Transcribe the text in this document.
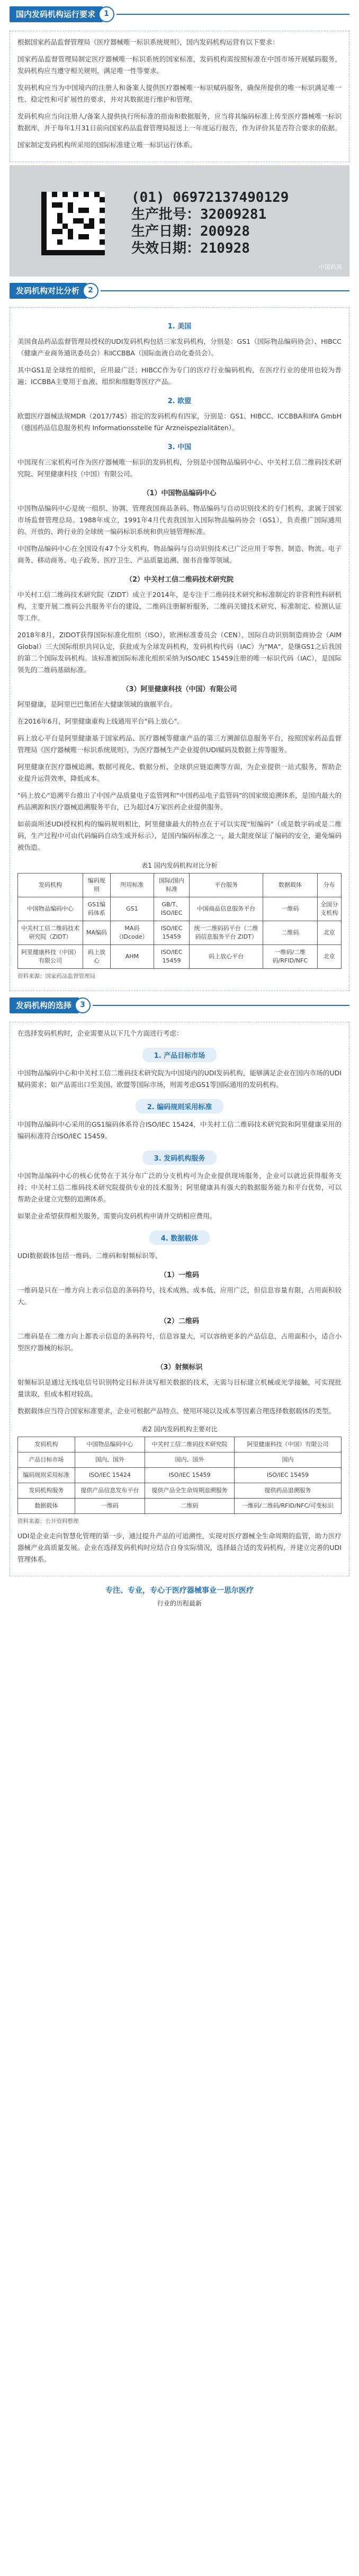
国内发码机构运行要求	1

根据国家药品监督管理局《医疗器械唯一标识系统规则》，国内发码机构运营有以下要求：

国家药品监督管理局制定医疗器械唯一标识系统的国家标准，发码机构需按照标准在中国市场开展赋码服务，发码机构应当遵守相关规则，满足唯一性等要求。

发码机构应当为中国境内的注册人和备案人提供医疗器械唯一标识赋码服务，确保所提供的唯一标识满足唯一性、稳定性和可扩展性的要求，并对其数据进行维护和管理。

发码机构应当向注册人/备案人提供执行所标准的指南和数据服务，应当将其编码标准上传至医疗器械唯一标识数据库，并于每年1月31日前向国家药品监督管理局报送上一年度运行报告，作为评价其是否符合要求的依据。

国家制定发码机构所采用的国际标准建立唯一标识运行体系。

(01) 06972137490129
生产批号：32009281
生产日期：200928
失效日期：210928
中国药网
发码机构对比分析	2
1. 美国

美国食品药品监督管理局授权的UDI发码机构包括三家发码机构，分别是：GS1（国际物品编码协会）、HIBCC（健康产业商务通讯委员会）和ICCBBA（国际血液自动化委员会）。

其中GS1是全球性的组织，应用最广泛；HIBCC作为专门的医疗行业编码机构，在医疗行业的使用也较为普遍；ICCBBA主要用于血液、组织和细胞等医疗产品。

2. 欧盟

欧盟医疗器械法规MDR（2017/745）指定的发码机构有四家，分别是：GS1、HIBCC、ICCBBA和IFA GmbH（德国药品信息服务机构 Informationsstelle für Arzneispezialitäten）。

3. 中国

中国现有三家机构可作为医疗器械唯一标识的发码机构，分别是中国物品编码中心、中关村工信二维码技术研究院、阿里健康科技（中国）有限公司。

（1）中国物品编码中心

中国物品编码中心是统一组织、协调、管理我国商品条码、物品编码与自动识别技术的专门机构，隶属于国家市场监督管理总局。1988年成立，1991年4月代表我国加入国际物品编码协会（GS1），负责推广国际通用的、开放的、跨行业的全球统一编码标识系统和供应链管理标准。

中国物品编码中心在全国设有47个分支机构，物品编码与自动识别技术已广泛应用于零售、制造、物流、电子商务、移动商务、电子政务、医疗卫生、产品质量追溯、图书音像等领域。

（2）中关村工信二维码技术研究院

中关村工信二维码技术研究院（ZIDT）成立于2014年，是专注于二维码技术研究和标准制定的非营利性科研机构，主要开展二维码公共服务平台的建设，二维码注册解析服务，二维码关键技术研究、标准制定、检测认证等工作。

2018年8月，ZIDOT获得国际标准化组织（ISO），欧洲标准委员会（CEN），国际自动识别制造商协会（AIM Global）三大国际组织共同认定，获批成为全球发码机构，发码机构代码（IAC）为"MA"，是继GS1之后我国的第二个国际发码机构。该标准被国际标准化组织采纳为ISO/IEC 15459注册的唯一标识代码（IAC），是国际领先的二维码基础标准。

（3）阿里健康科技（中国）有限公司

阿里健康，是阿里巴巴集团在大健康领域的旗舰平台。

在2016年6月，阿里健康重构上线通用平台"码上放心"。

码上放心平台是阿里健康基于国家药品、医疗器械等健康产品的第三方溯源信息服务平台，按照国家药品监督管理局《医疗器械唯一标识系统规则》，为医疗器械生产企业提供UDI赋码及数据上传等服务。

阿里健康在医疗器械追溯、数据可视化、数据分析、全球供应链追溯等方面，为企业提供一站式服务，帮助企业提升运营效率，降低成本。

"码上放心"追溯平台推出了中国产品质量电子监管网和"中国药品电子监管码"的国家级追溯体系，是国内最大的药品溯源和医疗器械追溯服务平台，已为超过4万家医药企业提供服务。

如前面所述UDI授权机构的编码规则相比，阿里健康最大的特点在于可以实现"短编码"（或是数字码或是二维码，生产过程中可由代码编码自动生成并标示），是国内编码标准之一，最大限度保证了编码的安全，避免编码被伪造。

表1 国内发码机构对比分析
发码机构	编码规则	所用标准	国际/国内标准	平台服务	数据载体	分布
中国物品编码中心	GS1编码体系	GS1	GB/T、ISO/IEC	中国商品信息服务平台	一维码	全国分支机构
中关村工信二维码技术研究院（ZIDT）	MA编码	MA码（IDcode）	ISO/IEC 15459	统一二维码码平台（二维码信息服务平台 ZIDT）	二维码	北京
阿里健康科技（中国）有限公司	码上放心	AHM	ISO/IEC 15459	码上放心平台	一维码/二维码/RFID/NFC	北京
资料来源：国家药品监督管理局
发码机构的选择	3

在选择发码机构时，企业需要从以下几个方面进行考虑：

1. 产品目标市场

中国物品编码中心和中关村工信二维码技术研究院为中国境内的UDI发码机构，能够满足企业在国内市场的UDI赋码需求；如产品需出口至美国、欧盟等国际市场，则需考虑GS1等国际通用的发码机构。

2. 编码规则采用标准

中国物品编码中心采用的GS1编码体系符合ISO/IEC 15424，中关村工信二维码技术研究院和阿里健康采用的编码标准符合ISO/IEC 15459。

3. 发码机构服务

中国物品编码中心的核心优势在于其分布广泛的分支机构可为企业提供现场服务，企业可以就近获得服务支持；中关村工信二维码技术研究院提供专业的技术服务；阿里健康具有强大的数据服务能力和平台优势，可以帮助企业建立完整的追溯体系。

如果企业希望获得相关服务，需要向发码机构申请并交纳相应费用。

4. 数据载体

UDI数据载体包括一维码、二维码和射频标识等。

（1）一维码

一维码是只在一维方向上表示信息的条码符号，技术成熟、成本低、应用广泛，但信息容量有限，占用面积较大。

（2）二维码

二维码是在二维方向上都表示信息的条码符号，信息容量大，可以容纳更多的产品信息，占用面积小，适合小型医疗器械的标识。

（3）射频标识

射频标识是通过无线电信号识别特定目标并读写相关数据的技术，无需与目标建立机械或光学接触，可实现批量读取，但成本相对较高。

数据载体应当符合国家标准要求，企业可根据产品特点、使用环境以及成本等因素合理选择数据载体的类型。

表2 国内发码机构主要对比
发码机构	中国物品编码中心	中关村工信二维码技术研究院	阿里健康科技（中国）有限公司
产品目标市场	国内、国外	国内、国外	国内
编码规则采用标准	ISO/IEC 15424	ISO/IEC 15459	ISO/IEC 15459
发码机构服务	提供产品信息发布平台	提供产品全生命周期追溯服务	提供药品追溯服务
数据载体	一维码	二维码	一维码/二维码/RFID/NFC/可变标识
资料来源：公开资料整理

UDI是企业走向智慧化管理的第一步，通过提升产品的可追溯性，实现对医疗器械全生命周期的监管，助力医疗器械产业高质量发展。企业在选择发码机构时应结合自身实际情况，选择最合适的发码机构，并建立完善的UDI管理体系。

专注、专业，专心于医疗器械事业一思尔医疗
行业的历程最新
